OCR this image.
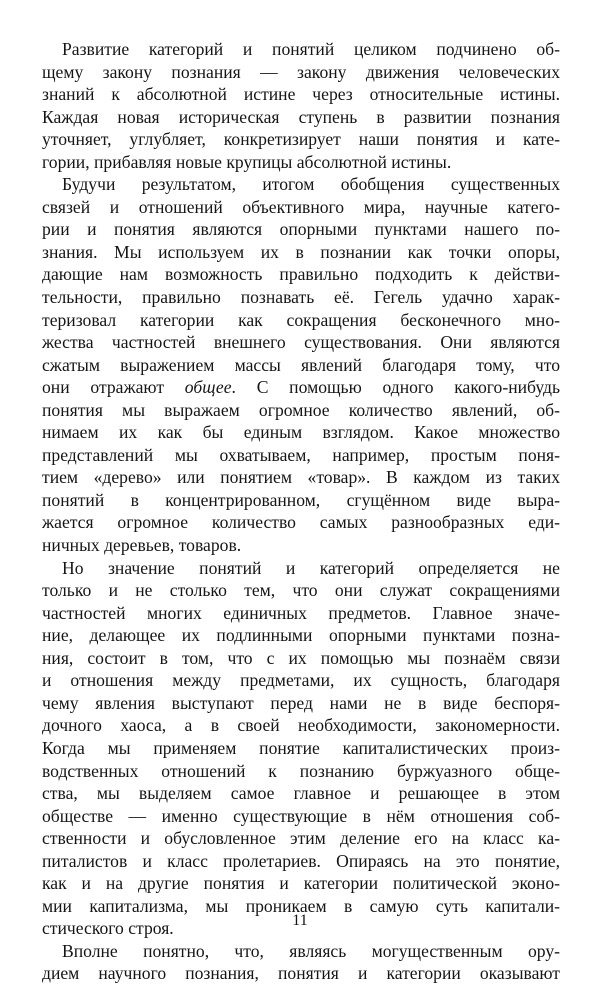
Развитие категорий и понятий целиком подчинено об-
щему закону познания — закону движения человеческих
знаний к абсолютной истине через относительные истины.
Каждая новая историческая ступень в развитии познания
уточняет, углубляет, конкретизирует наши понятия и кате-
гории, прибавляя новые крупицы абсолютной истины.
Будучи результатом, итогом обобщения существенных
связей и отношений объективного мира, научные катего-
рии и понятия являются опорными пунктами нашего по-
знания. Мы используем их в познании как точки опоры,
дающие нам возможность правильно подходить к действи-
тельности, правильно познавать её. Гегель удачно харак-
теризовал категории как сокращения бесконечного мно-
жества частностей внешнего существования. Они являются
сжатым выражением массы явлений благодаря тому, что
они отражают общее. С помощью одного какого-нибудь
понятия мы выражаем огромное количество явлений, об-
нимаем их как бы единым взглядом. Какое множество
представлений мы охватываем, например, простым поня-
тием «дерево» или понятием «товар». В каждом из таких
понятий в концентрированном, сгущённом виде выра-
жается огромное количество самых разнообразных еди-
ничных деревьев, товаров.
Но значение понятий и категорий определяется не
только и не столько тем, что они служат сокращениями
частностей многих единичных предметов. Главное значе-
ние, делающее их подлинными опорными пунктами позна-
ния, состоит в том, что с их помощью мы познаём связи
и отношения между предметами, их сущность, благодаря
чему явления выступают перед нами не в виде беспоря-
дочного хаоса, а в своей необходимости, закономерности.
Когда мы применяем понятие капиталистических произ-
водственных отношений к познанию буржуазного обще-
ства, мы выделяем самое главное и решающее в этом
обществе — именно существующие в нём отношения соб-
ственности и обусловленное этим деление его на класс ка-
питалистов и класс пролетариев. Опираясь на это понятие,
как и на другие понятия и категории политической эконо-
мии капитализма, мы проникаем в самую суть капитали-
стического строя.
Вполне понятно, что, являясь могущественным ору-
дием научного познания, понятия и категории оказывают
11
